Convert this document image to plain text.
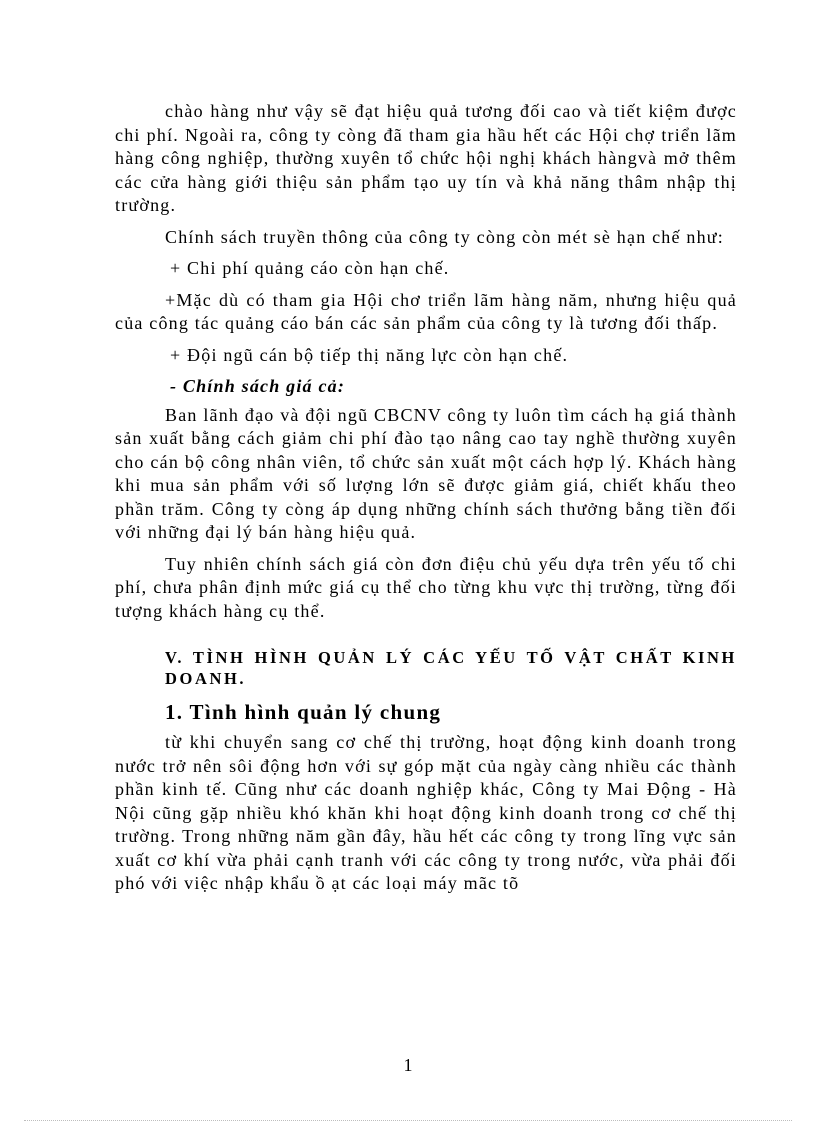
chào hàng như vậy sẽ đạt hiệu quả tương đối cao và tiết kiệm được chi phí. Ngoài ra, công ty còng đã tham gia hầu hết các Hội chợ triển lãm hàng công nghiệp, thường xuyên tổ chức hội nghị khách hàngvà mở thêm các cửa hàng giới thiệu sản phẩm tạo uy tín và khả năng thâm nhập thị trường.

Chính sách truyền thông của công ty còng còn mét sè hạn chế như:

+ Chi phí quảng cáo còn hạn chế.

+Mặc dù có tham gia Hội chơ triển lãm hàng năm, nhưng hiệu quả của công tác quảng cáo bán các sản phẩm của công ty là tương đối thấp.

+ Đội ngũ cán bộ tiếp thị năng lực còn hạn chế.

- Chính sách giá cả:

Ban lãnh đạo và đội ngũ CBCNV công ty luôn tìm cách hạ giá thành sản xuất bằng cách giảm chi phí đào tạo nâng cao tay nghề thường xuyên cho cán bộ công nhân viên, tổ chức sản xuất một cách hợp lý. Khách hàng khi mua sản phẩm với số lượng lớn sẽ được giảm giá, chiết khấu theo phần trăm. Công ty còng áp dụng những chính sách thưởng bằng tiền đối với những đại lý bán hàng hiệu quả.

Tuy nhiên chính sách giá còn đơn điệu chủ yếu dựa trên yếu tố chi phí, chưa phân định mức giá cụ thể cho từng khu vực thị trường, từng đối tượng khách hàng cụ thể.

V. TÌNH HÌNH QUẢN LÝ CÁC YẾU TỐ VẬT CHẤT KINH DOANH.
1. Tình hình quản lý chung

từ khi chuyển sang cơ chế thị trường, hoạt động kinh doanh trong nước trở nên sôi động hơn với sự góp mặt của ngày càng nhiều các thành phần kinh tế. Cũng như các doanh nghiệp khác, Công ty Mai Động - Hà Nội cũng gặp nhiều khó khăn khi hoạt động kinh doanh trong cơ chế thị trường. Trong những năm gần đây, hầu hết các công ty trong lĩng vực sản xuất cơ khí vừa phải cạnh tranh với các công ty trong nước, vừa phải đối phó với việc nhập khẩu ồ ạt các loại máy mãc tõ

1
